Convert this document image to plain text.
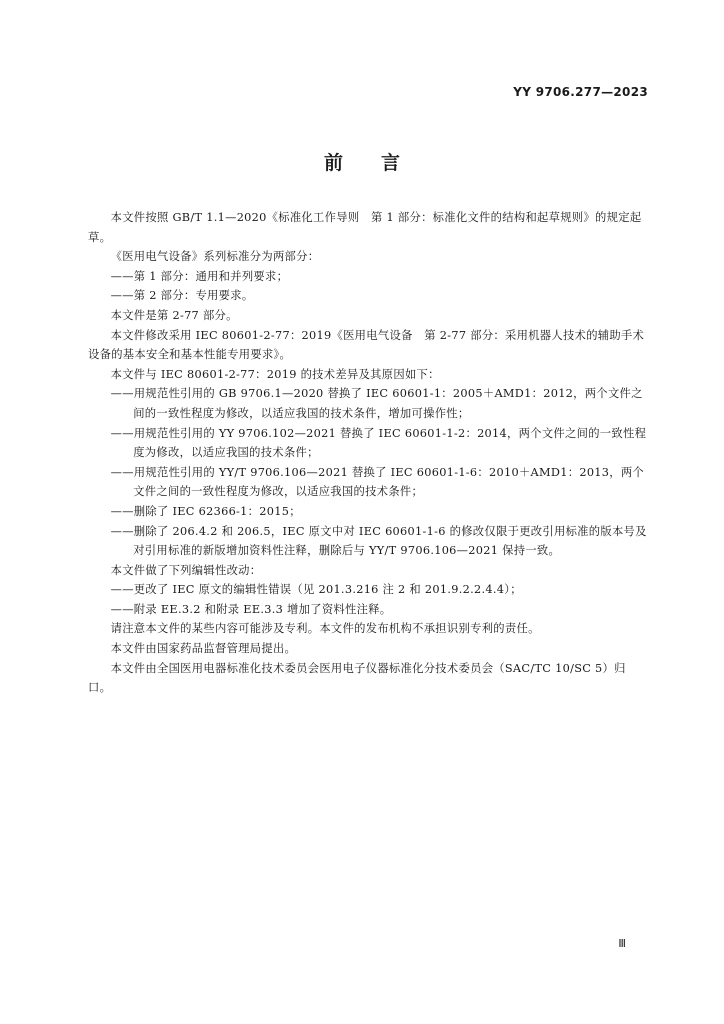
YY 9706.277—2023
前言

本文件按照 GB/T 1.1—2020《标准化工作导则　第 1 部分：标准化文件的结构和起草规则》的规定起草。

《医用电气设备》系列标准分为两部分：

——第 1 部分：通用和并列要求；

——第 2 部分：专用要求。

本文件是第 2-77 部分。

本文件修改采用 IEC 80601-2-77：2019《医用电气设备　第 2-77 部分：采用机器人技术的辅助手术设备的基本安全和基本性能专用要求》。

本文件与 IEC 80601-2-77：2019 的技术差异及其原因如下：

——用规范性引用的 GB 9706.1—2020 替换了 IEC 60601-1：2005＋AMD1：2012，两个文件之间的一致性程度为修改，以适应我国的技术条件，增加可操作性；

——用规范性引用的 YY 9706.102—2021 替换了 IEC 60601-1-2：2014，两个文件之间的一致性程度为修改，以适应我国的技术条件；

——用规范性引用的 YY/T 9706.106—2021 替换了 IEC 60601-1-6：2010＋AMD1：2013，两个文件之间的一致性程度为修改，以适应我国的技术条件；

——删除了 IEC 62366-1：2015；

——删除了 206.4.2 和 206.5，IEC 原文中对 IEC 60601-1-6 的修改仅限于更改引用标准的版本号及对引用标准的新版增加资料性注释，删除后与 YY/T 9706.106—2021 保持一致。

本文件做了下列编辑性改动：

——更改了 IEC 原文的编辑性错误（见 201.3.216 注 2 和 201.9.2.2.4.4）；

——附录 EE.3.2 和附录 EE.3.3 增加了资料性注释。

请注意本文件的某些内容可能涉及专利。本文件的发布机构不承担识别专利的责任。

本文件由国家药品监督管理局提出。

本文件由全国医用电器标准化技术委员会医用电子仪器标准化分技术委员会（SAC/TC 10/SC 5）归口。

Ⅲ
